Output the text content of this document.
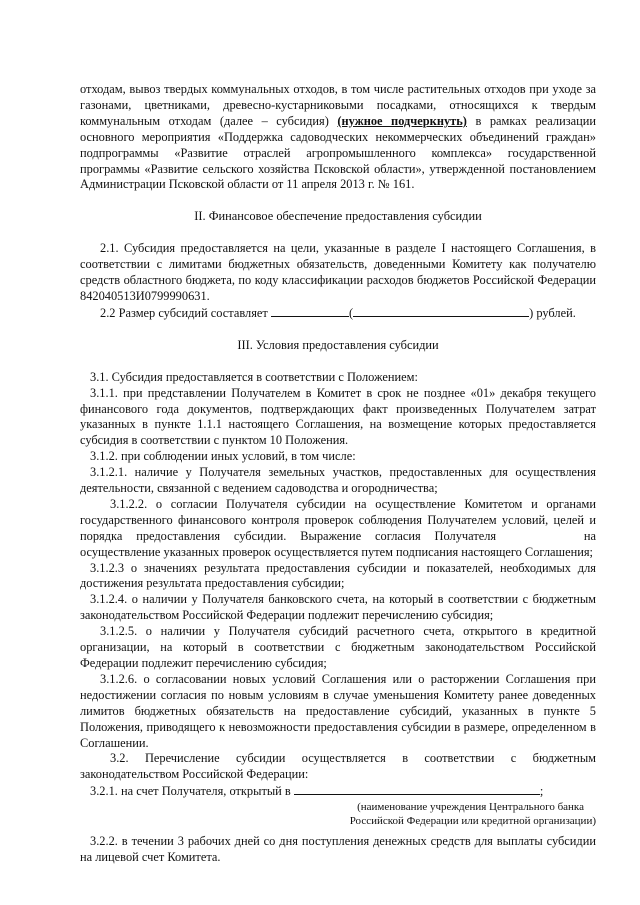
отходам, вывоз твердых коммунальных отходов, в том числе растительных отходов при уходе за газонами, цветниками, древесно-кустарниковыми посадками, относящихся к твердым коммунальным отходам (далее – субсидия) (нужное подчеркнуть) в рамках реализации основного мероприятия «Поддержка садоводческих некоммерческих объединений граждан» подпрограммы «Развитие отраслей агропромышленного комплекса» государственной программы «Развитие сельского хозяйства Псковской области», утвержденной постановлением Администрации Псковской области от 11 апреля 2013 г. № 161.

II. Финансовое обеспечение предоставления субсидии

2.1. Субсидия предоставляется на цели, указанные в разделе I настоящего Соглашения, в соответствии с лимитами бюджетных обязательств, доведенными Комитету как получателю средств областного бюджета, по коду классификации расходов бюджетов Российской Федерации 842040513И0799990631.

2.2 Размер субсидий составляет	(	) рублей.

III. Условия предоставления субсидии

3.1. Субсидия предоставляется в соответствии с Положением:

3.1.1. при представлении Получателем в Комитет в срок не позднее «01» декабря текущего финансового года документов, подтверждающих факт произведенных Получателем затрат указанных в пункте 1.1.1 настоящего Соглашения, на возмещение которых предоставляется субсидия в соответствии с пунктом 10 Положения.

3.1.2. при соблюдении иных условий, в том числе:

3.1.2.1. наличие у Получателя земельных участков, предоставленных для осуществления деятельности, связанной с ведением садоводства и огородничества;

3.1.2.2. о согласии Получателя субсидии на осуществление Комитетом и органами государственного финансового контроля проверок соблюдения Получателем условий, целей и порядка предоставления субсидии. Выражение согласия Получателя	на осуществление указанных проверок осуществляется путем подписания настоящего Соглашения;

3.1.2.3 о значениях результата предоставления субсидии и показателей, необходимых для достижения результата предоставления субсидии;

3.1.2.4. о наличии у Получателя банковского счета, на который в соответствии с бюджетным законодательством Российской Федерации подлежит перечислению субсидия;

3.1.2.5. о наличии у Получателя субсидий расчетного счета, открытого в кредитной организации, на который в соответствии с бюджетным законодательством Российской Федерации подлежит перечислению субсидия;

3.1.2.6. о согласовании новых условий Соглашения или о расторжении Соглашения при недостижении согласия по новым условиям в случае уменьшения Комитету ранее доведенных лимитов бюджетных обязательств на предоставление субсидий, указанных в пункте 5 Положения, приводящего к невозможности предоставления субсидии в размере, определенном в Соглашении.

3.2. Перечисление субсидии осуществляется в соответствии с бюджетным законодательством Российской Федерации:

3.2.1. на счет Получателя, открытый в	;

(наименование учреждения Центрального банка

Российской Федерации или кредитной организации)

3.2.2. в течении 3 рабочих дней со дня поступления денежных средств для выплаты субсидии на лицевой счет Комитета.
